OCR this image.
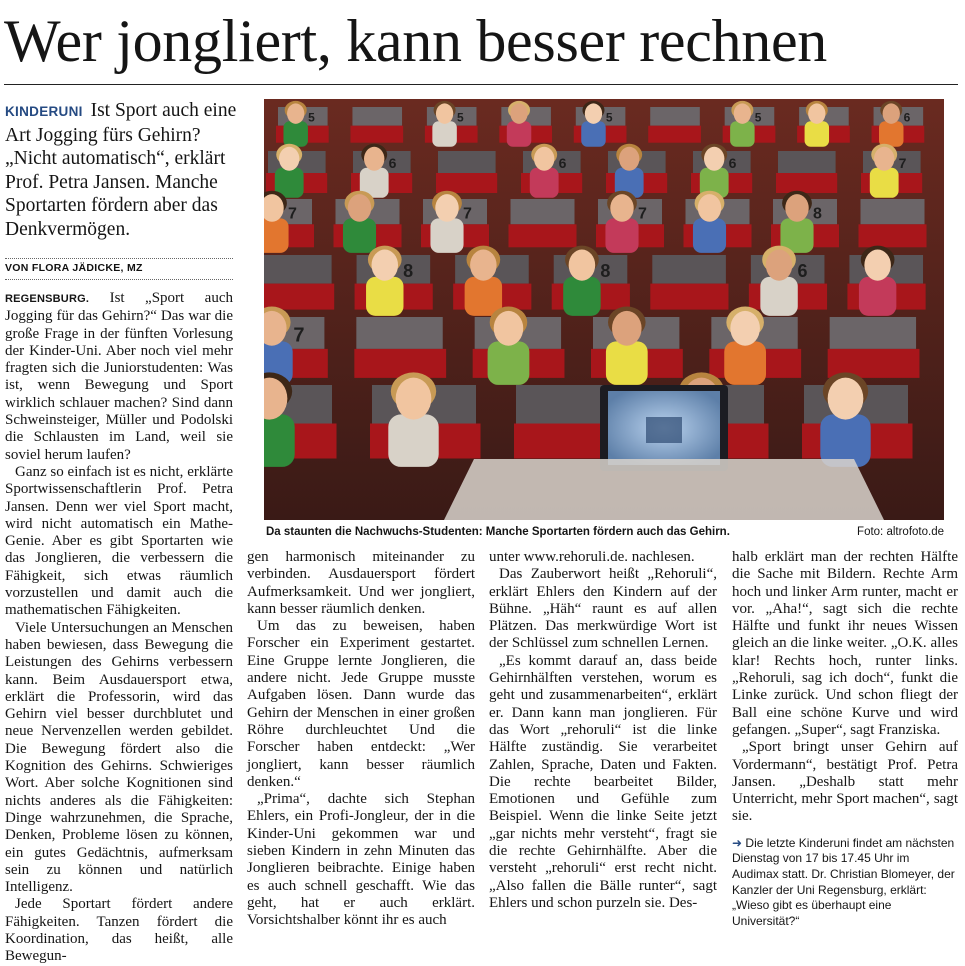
Wer jongliert, kann besser rechnen
KINDERUNI Ist Sport auch eine Art Jogging fürs Gehirn? „Nicht automatisch“, erklärt Prof. Petra Jansen. Manche Sportarten fördern aber das Denkvermögen.
VON FLORA JÄDICKE, MZ

REGENSBURG. Ist „Sport auch Jogging für das Gehirn?“ Das war die große Frage in der fünften Vorlesung der Kinder-Uni. Aber noch viel mehr fragten sich die Juniorstudenten: Was ist, wenn Bewegung und Sport wirklich schlauer machen? Sind dann Schweinsteiger, Müller und Podolski die Schlausten im Land, weil sie soviel herum laufen?

Ganz so einfach ist es nicht, erklärte Sportwissenschaftlerin Prof. Petra Jansen. Denn wer viel Sport macht, wird nicht automatisch ein Mathe-Genie. Aber es gibt Sportarten wie das Jonglieren, die verbessern die Fähigkeit, sich etwas räumlich vorzustellen und damit auch die mathematischen Fähigkeiten.

Viele Untersuchungen an Menschen haben bewiesen, dass Bewegung die Leistungen des Gehirns verbessern kann. Beim Ausdauersport etwa, erklärt die Professorin, wird das Gehirn viel besser durchblutet und neue Nervenzellen werden gebildet. Die Bewegung fördert also die Kognition des Gehirns. Schwieriges Wort. Aber solche Kognitionen sind nichts anderes als die Fähigkeiten: Dinge wahrzunehmen, die Sprache, Denken, Probleme lösen zu können, ein gutes Gedächtnis, aufmerksam sein zu können und natürlich Intelligenz.

Jede Sportart fördert andere Fähigkeiten. Tanzen fördert die Koordination, das heißt, alle Bewegun-

5	5	5	5	6
6	6	6	7
7	7	7	8
8	8	6
7
Da staunten die Nachwuchs-Studenten: Manche Sportarten fördern auch das Gehirn.	Foto: altrofoto.de

gen harmonisch miteinander zu verbinden. Ausdauersport fördert Aufmerksamkeit. Und wer jongliert, kann besser räumlich denken.

Um das zu beweisen, haben Forscher ein Experiment gestartet. Eine Gruppe lernte Jonglieren, die andere nicht. Jede Gruppe musste Aufgaben lösen. Dann wurde das Gehirn der Menschen in einer großen Röhre durchleuchtet Und die Forscher haben entdeckt: „Wer jongliert, kann besser räumlich denken.“

„Prima“, dachte sich Stephan Ehlers, ein Profi-Jongleur, der in die Kinder-Uni gekommen war und sieben Kindern in zehn Minuten das Jonglieren beibrachte. Einige haben es auch schnell geschafft. Wie das geht, hat er auch erklärt. Vorsichtshalber könnt ihr es auch

unter www.rehoruli.de. nachlesen.

Das Zauberwort heißt „Rehoruli“, erklärt Ehlers den Kindern auf der Bühne. „Häh“ raunt es auf allen Plätzen. Das merkwürdige Wort ist der Schlüssel zum schnellen Lernen.

„Es kommt darauf an, dass beide Gehirnhälften verstehen, worum es geht und zusammenarbeiten“, erklärt er. Dann kann man jonglieren. Für das Wort „rehoruli“ ist die linke Hälfte zuständig. Sie verarbeitet Zahlen, Sprache, Daten und Fakten. Die rechte bearbeitet Bilder, Emotionen und Gefühle zum Beispiel. Wenn die linke Seite jetzt „gar nichts mehr versteht“, fragt sie die rechte Gehirnhälfte. Aber die versteht „rehoruli“ erst recht nicht. „Also fallen die Bälle runter“, sagt Ehlers und schon purzeln sie. Des-

halb erklärt man der rechten Hälfte die Sache mit Bildern. Rechte Arm hoch und linker Arm runter, macht er vor. „Aha!“, sagt sich die rechte Hälfte und funkt ihr neues Wissen gleich an die linke weiter. „O.K. alles klar! Rechts hoch, runter links. „Rehoruli, sag ich doch“, funkt die Linke zurück. Und schon fliegt der Ball eine schöne Kurve und wird gefangen. „Super“, sagt Franziska.

„Sport bringt unser Gehirn auf Vordermann“, bestätigt Prof. Petra Jansen. „Deshalb statt mehr Unterricht, mehr Sport machen“, sagt sie.

➜ Die letzte Kinderuni findet am nächsten Dienstag von 17 bis 17.45 Uhr im Audimax statt. Dr. Christian Blomeyer, der Kanzler der Uni Regensburg, erklärt: „Wieso gibt es überhaupt eine Universität?“
